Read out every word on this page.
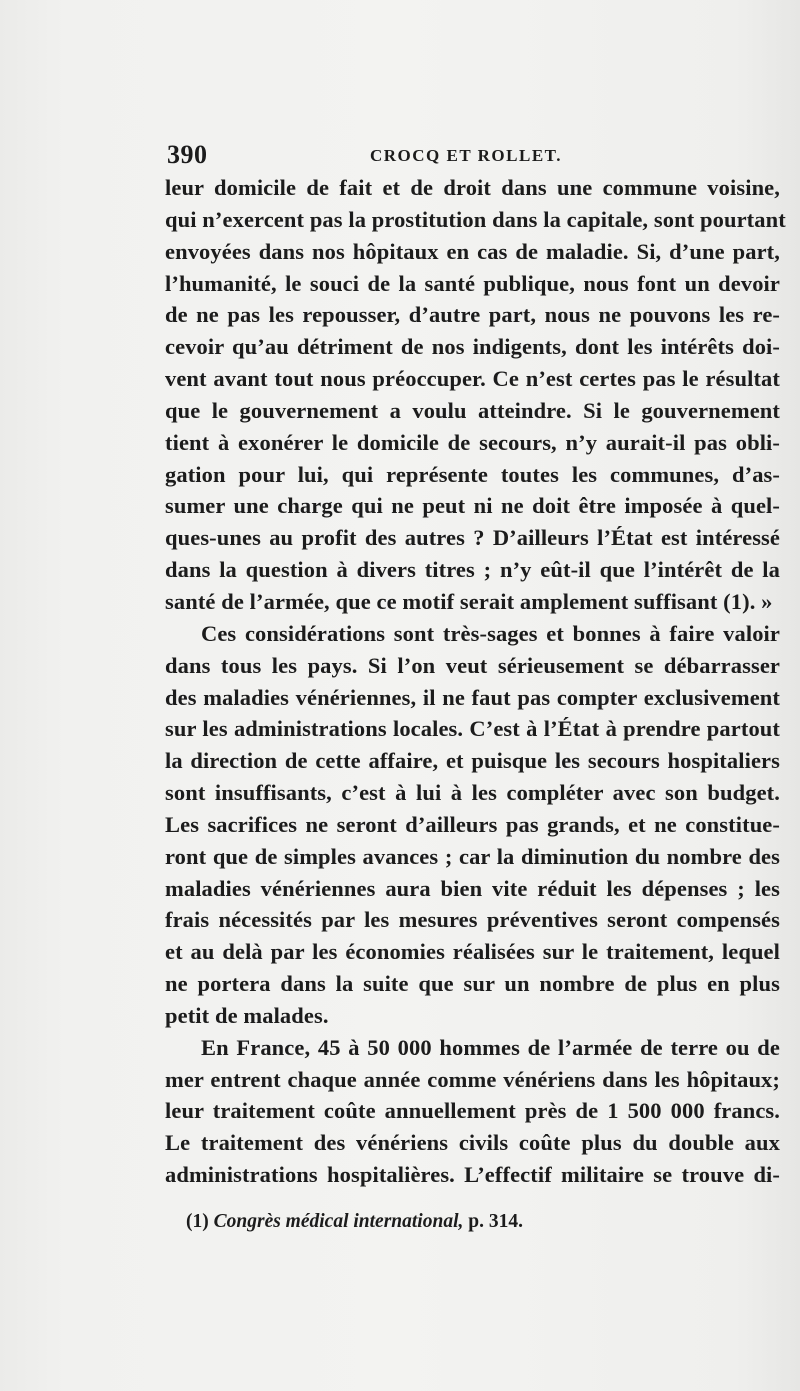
390	CROCQ ET ROLLET.
leur domicile de fait et de droit dans une commune voisine,
qui n’exercent pas la prostitution dans la capitale, sont pourtant
envoyées dans nos hôpitaux en cas de maladie. Si, d’une part,
l’humanité, le souci de la santé publique, nous font un devoir
de ne pas les repousser, d’autre part, nous ne pouvons les re-
cevoir qu’au détriment de nos indigents, dont les intérêts doi-
vent avant tout nous préoccuper. Ce n’est certes pas le résultat
que le gouvernement a voulu atteindre. Si le gouvernement
tient à exonérer le domicile de secours, n’y aurait-il pas obli-
gation pour lui, qui représente toutes les communes, d’as-
sumer une charge qui ne peut ni ne doit être imposée à quel-
ques-unes au profit des autres ? D’ailleurs l’État est intéressé
dans la question à divers titres ; n’y eût-il que l’intérêt de la
santé de l’armée, que ce motif serait amplement suffisant (1). »
Ces considérations sont très-sages et bonnes à faire valoir
dans tous les pays. Si l’on veut sérieusement se débarrasser
des maladies vénériennes, il ne faut pas compter exclusivement
sur les administrations locales. C’est à l’État à prendre partout
la direction de cette affaire, et puisque les secours hospitaliers
sont insuffisants, c’est à lui à les compléter avec son budget.
Les sacrifices ne seront d’ailleurs pas grands, et ne constitue-
ront que de simples avances ; car la diminution du nombre des
maladies vénériennes aura bien vite réduit les dépenses ; les
frais nécessités par les mesures préventives seront compensés
et au delà par les économies réalisées sur le traitement, lequel
ne portera dans la suite que sur un nombre de plus en plus
petit de malades.
En France, 45 à 50 000 hommes de l’armée de terre ou de
mer entrent chaque année comme vénériens dans les hôpitaux;
leur traitement coûte annuellement près de 1 500 000 francs.
Le traitement des vénériens civils coûte plus du double aux
administrations hospitalières. L’effectif militaire se trouve di-
(1) Congrès médical international, p. 314.
